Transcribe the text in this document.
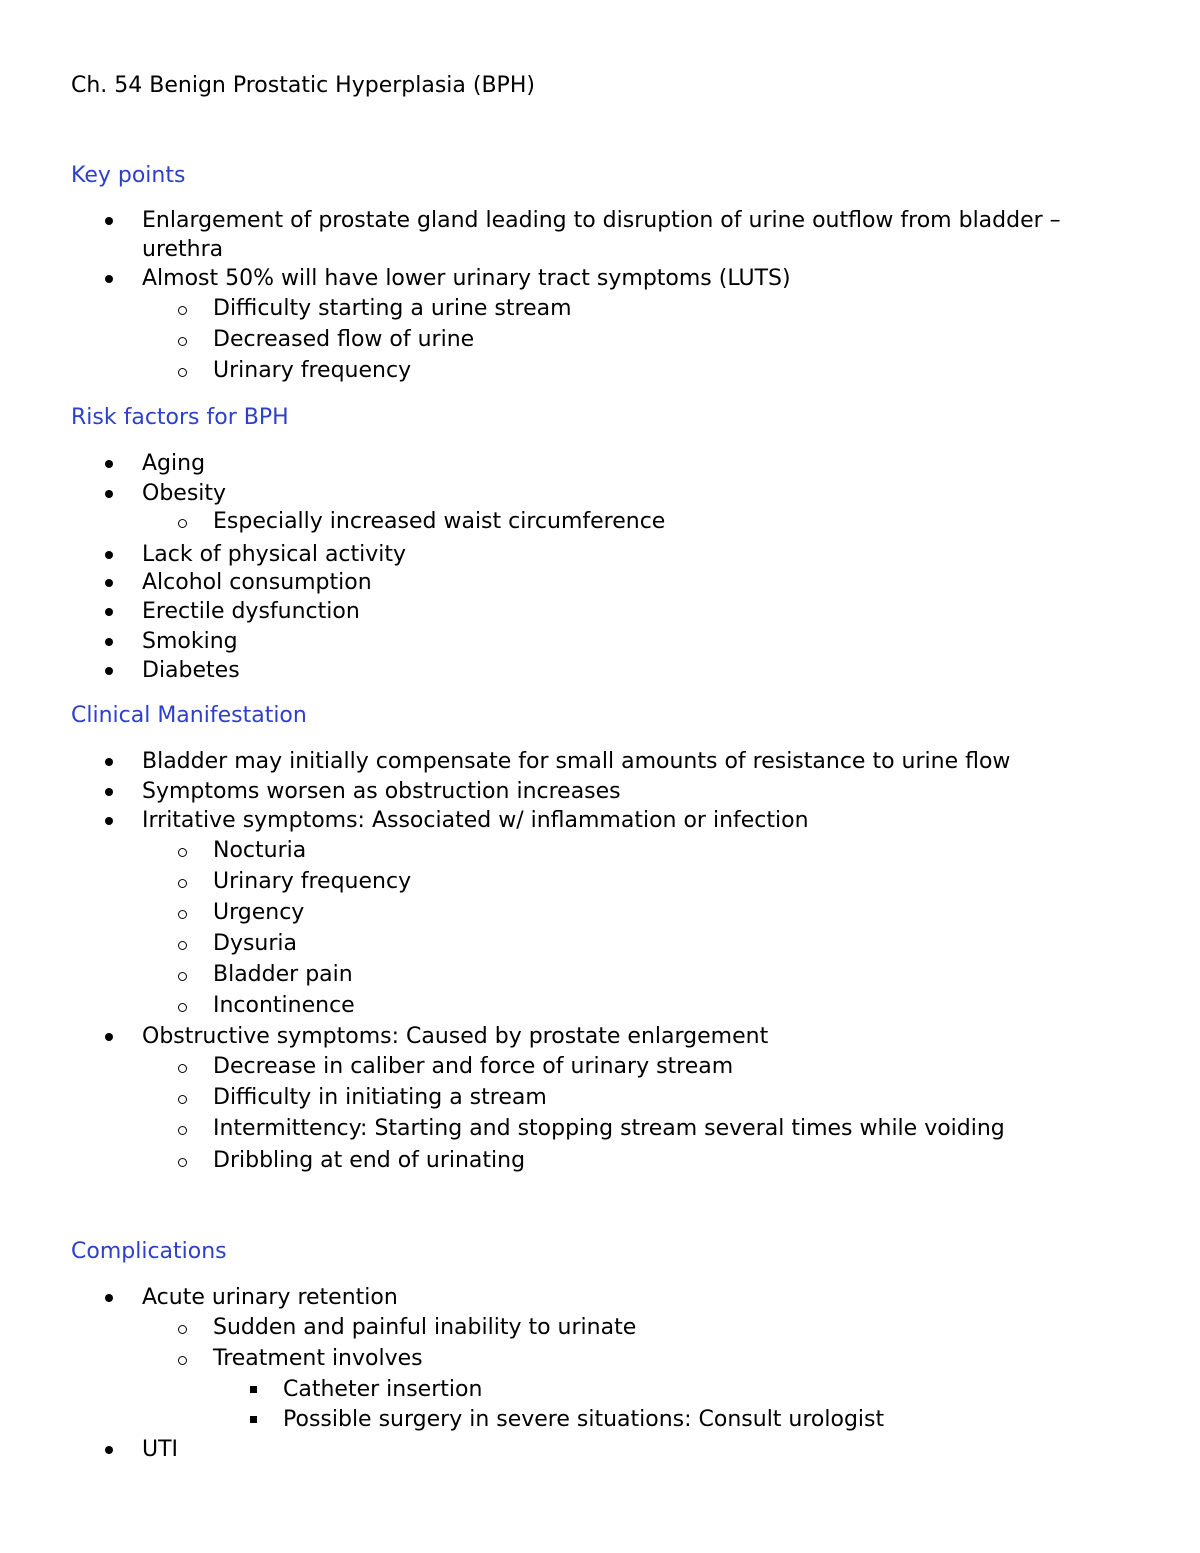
Ch. 54 Benign Prostatic Hyperplasia (BPH)
Key points
Enlargement of prostate gland leading to disruption of urine outflow from bladder –
urethra
Almost 50% will have lower urinary tract symptoms (LUTS)
Difficulty starting a urine stream
Decreased flow of urine
Urinary frequency
Risk factors for BPH
Aging
Obesity
Especially increased waist circumference
Lack of physical activity
Alcohol consumption
Erectile dysfunction
Smoking
Diabetes
Clinical Manifestation
Bladder may initially compensate for small amounts of resistance to urine flow
Symptoms worsen as obstruction increases
Irritative symptoms: Associated w/ inflammation or infection
Nocturia
Urinary frequency
Urgency
Dysuria
Bladder pain
Incontinence
Obstructive symptoms: Caused by prostate enlargement
Decrease in caliber and force of urinary stream
Difficulty in initiating a stream
Intermittency: Starting and stopping stream several times while voiding
Dribbling at end of urinating
Complications
Acute urinary retention
Sudden and painful inability to urinate
Treatment involves
Catheter insertion
Possible surgery in severe situations: Consult urologist
UTI
